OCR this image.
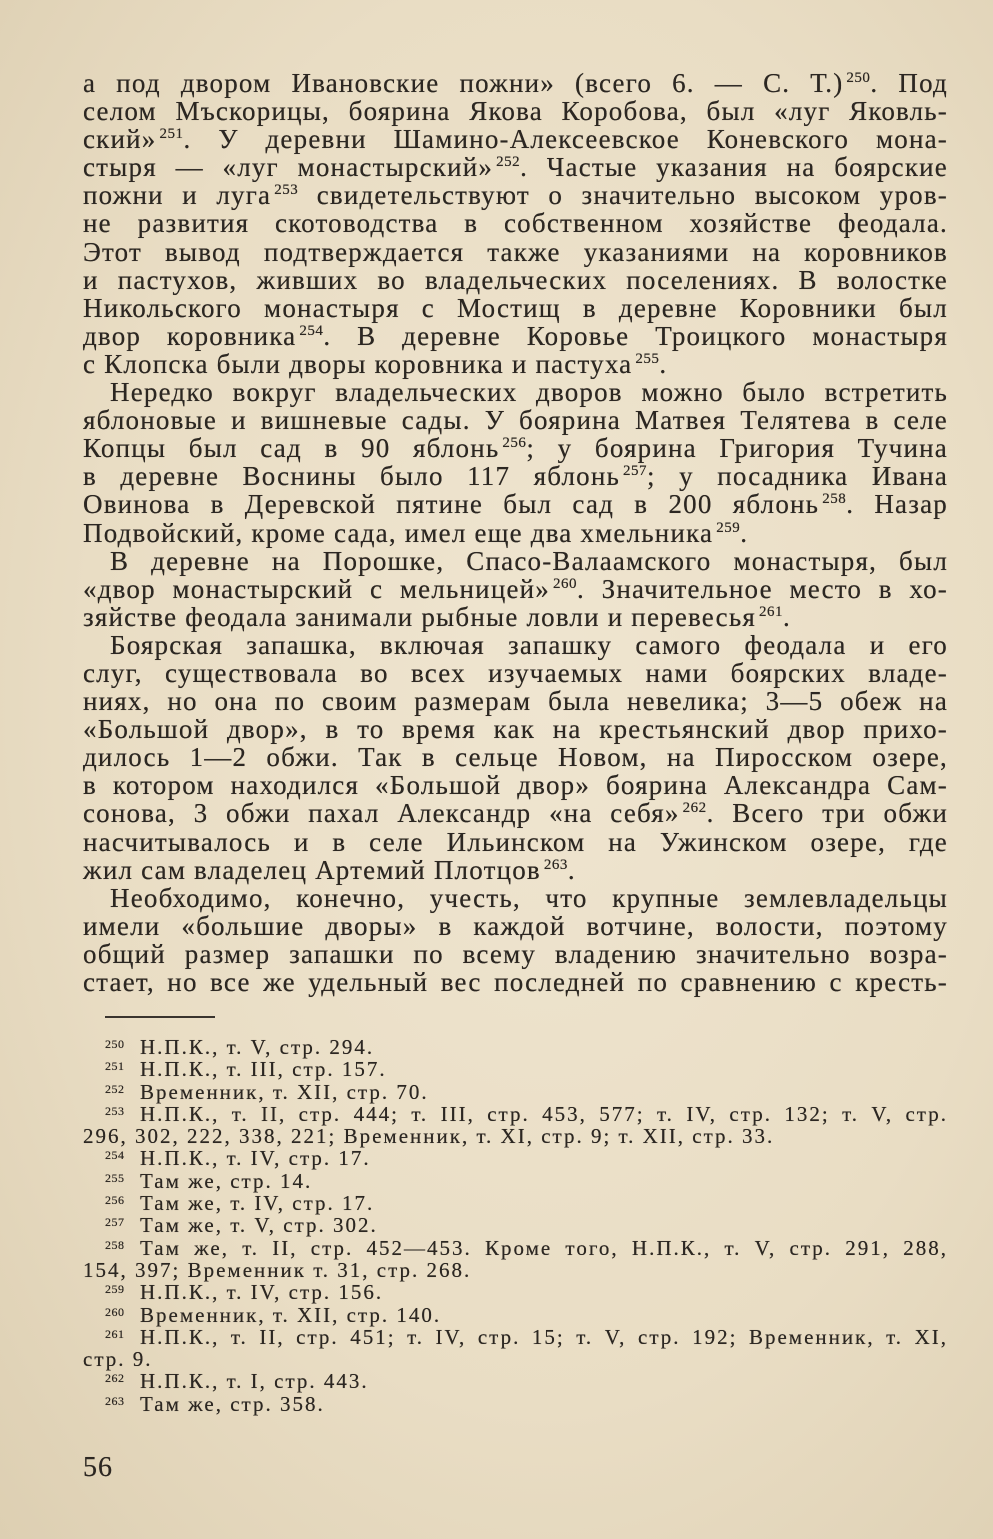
а под двором Ивановские пожни» (всего 6. — С. Т.) $^{250}$. Под
селом Мъскорицы, боярина Якова Коробова, был «луг Яковль-
ский» $^{251}$. У деревни Шамино-Алексеевское Коневского мона-
стыря — «луг монастырский» $^{252}$. Частые указания на боярские
пожни и луга $^{253}$ свидетельствуют о значительно высоком уров-
не развития скотоводства в собственном хозяйстве феодала.
Этот вывод подтверждается также указаниями на коровников
и пастухов, живших во владельческих поселениях. В волостке
Никольского монастыря с Мостищ в деревне Коровники был
двор коровника $^{254}$. В деревне Коровье Троицкого монастыря
с Клопска были дворы коровника и пастуха $^{255}$.
Нередко вокруг владельческих дворов можно было встретить
яблоновые и вишневые сады. У боярина Матвея Телятева в селе
Копцы был сад в 90 яблонь $^{256}$; у боярина Григория Тучина
в деревне Воснины было 117 яблонь $^{257}$; у посадника Ивана
Овинова в Деревской пятине был сад в 200 яблонь $^{258}$. Назар
Подвойский, кроме сада, имел еще два хмельника $^{259}$.
В деревне на Порошке, Спасо-Валаамского монастыря, был
«двор монастырский с мельницей» $^{260}$. Значительное место в хо-
зяйстве феодала занимали рыбные ловли и перевесья $^{261}$.
Боярская запашка, включая запашку самого феодала и его
слуг, существовала во всех изучаемых нами боярских владе-
ниях, но она по своим размерам была невелика; 3—5 обеж на
«Большой двор», в то время как на крестьянский двор прихо-
дилось 1—2 обжи. Так в сельце Новом, на Пиросском озере,
в котором находился «Большой двор» боярина Александра Сам-
сонова, 3 обжи пахал Александр «на себя» $^{262}$. Всего три обжи
насчитывалось и в селе Ильинском на Ужинском озере, где
жил сам владелец Артемий Плотцов $^{263}$.
Необходимо, конечно, учесть, что крупные землевладельцы
имели «большие дворы» в каждой вотчине, волости, поэтому
общий размер запашки по всему владению значительно возра-
стает, но все же удельный вес последней по сравнению с кресть-
250 Н.П.К., т. V, стр. 294.
251 Н.П.К., т. III, стр. 157.
252 Временник, т. XII, стр. 70.
253 Н.П.К., т. II, стр. 444; т. III, стр. 453, 577; т. IV, стр. 132; т. V, стр.
296, 302, 222, 338, 221; Временник, т. XI, стр. 9; т. XII, стр. 33.
254 Н.П.К., т. IV, стр. 17.
255 Там же, стр. 14.
256 Там же, т. IV, стр. 17.
257 Там же, т. V, стр. 302.
258 Там же, т. II, стр. 452—453. Кроме того, Н.П.К., т. V, стр. 291, 288,
154, 397; Временник т. 31, стр. 268.
259 Н.П.К., т. IV, стр. 156.
260 Временник, т. XII, стр. 140.
261 Н.П.К., т. II, стр. 451; т. IV, стр. 15; т. V, стр. 192; Временник, т. XI,
стр. 9.
262 Н.П.К., т. I, стр. 443.
263 Там же, стр. 358.
56
